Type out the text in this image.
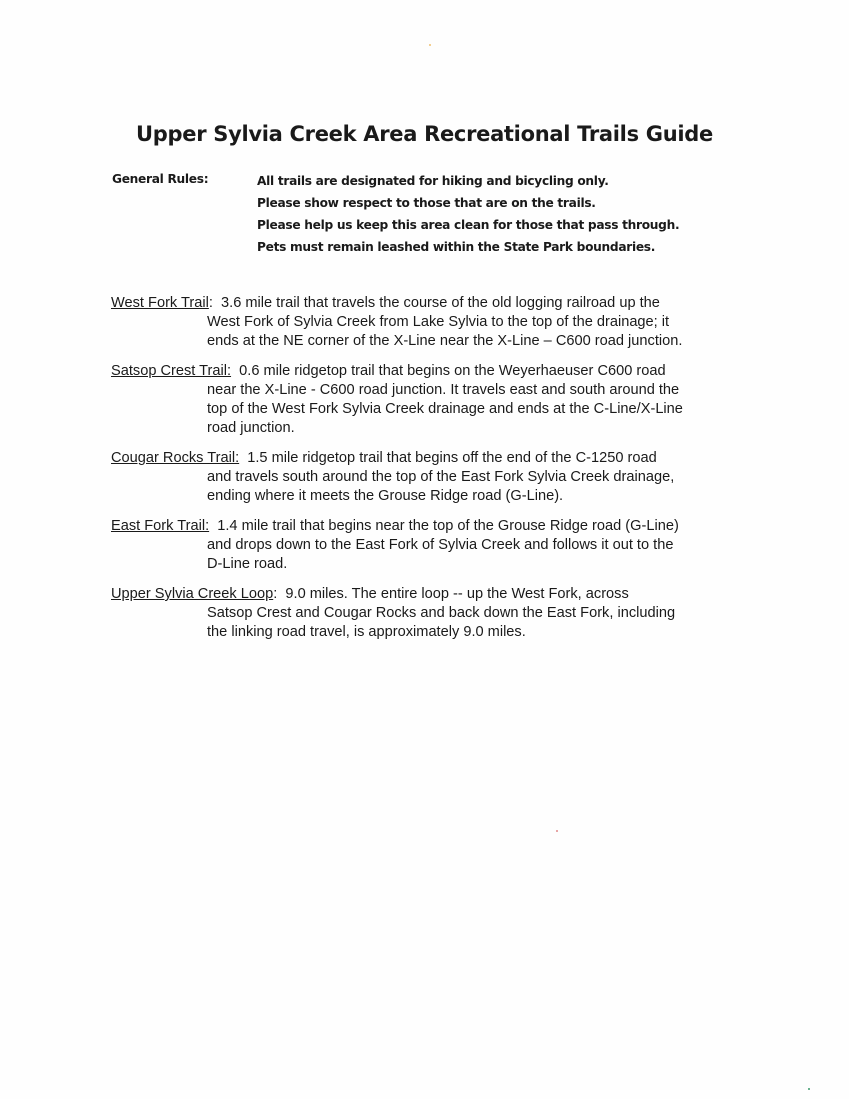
Upper Sylvia Creek Area Recreational Trails Guide
General Rules:	All trails are designated for hiking and bicycling only.
Please show respect to those that are on the trails.
Please help us keep this area clean for those that pass through.
Pets must remain leashed within the State Park boundaries.
West Fork Trail:  3.6 mile trail that travels the course of the old logging railroad up the
West Fork of Sylvia Creek from Lake Sylvia to the top of the drainage; it
ends at the NE corner of the X-Line near the X-Line – C600 road junction.
Satsop Crest Trail: 0.6 mile ridgetop trail that begins on the Weyerhaeuser C600 road
near the X-Line - C600 road junction. It travels east and south around the
top of the West Fork Sylvia Creek drainage and ends at the C-Line/X-Line
road junction.
Cougar Rocks Trail: 1.5 mile ridgetop trail that begins off the end of the C-1250 road
and travels south around the top of the East Fork Sylvia Creek drainage,
ending where it meets the Grouse Ridge road (G-Line).
East Fork Trail: 1.4 mile trail that begins near the top of the Grouse Ridge road (G-Line)
and drops down to the East Fork of Sylvia Creek and follows it out to the
D-Line road.
Upper Sylvia Creek Loop:  9.0 miles. The entire loop -- up the West Fork, across
Satsop Crest and Cougar Rocks and back down the East Fork, including
the linking road travel, is approximately 9.0 miles.
